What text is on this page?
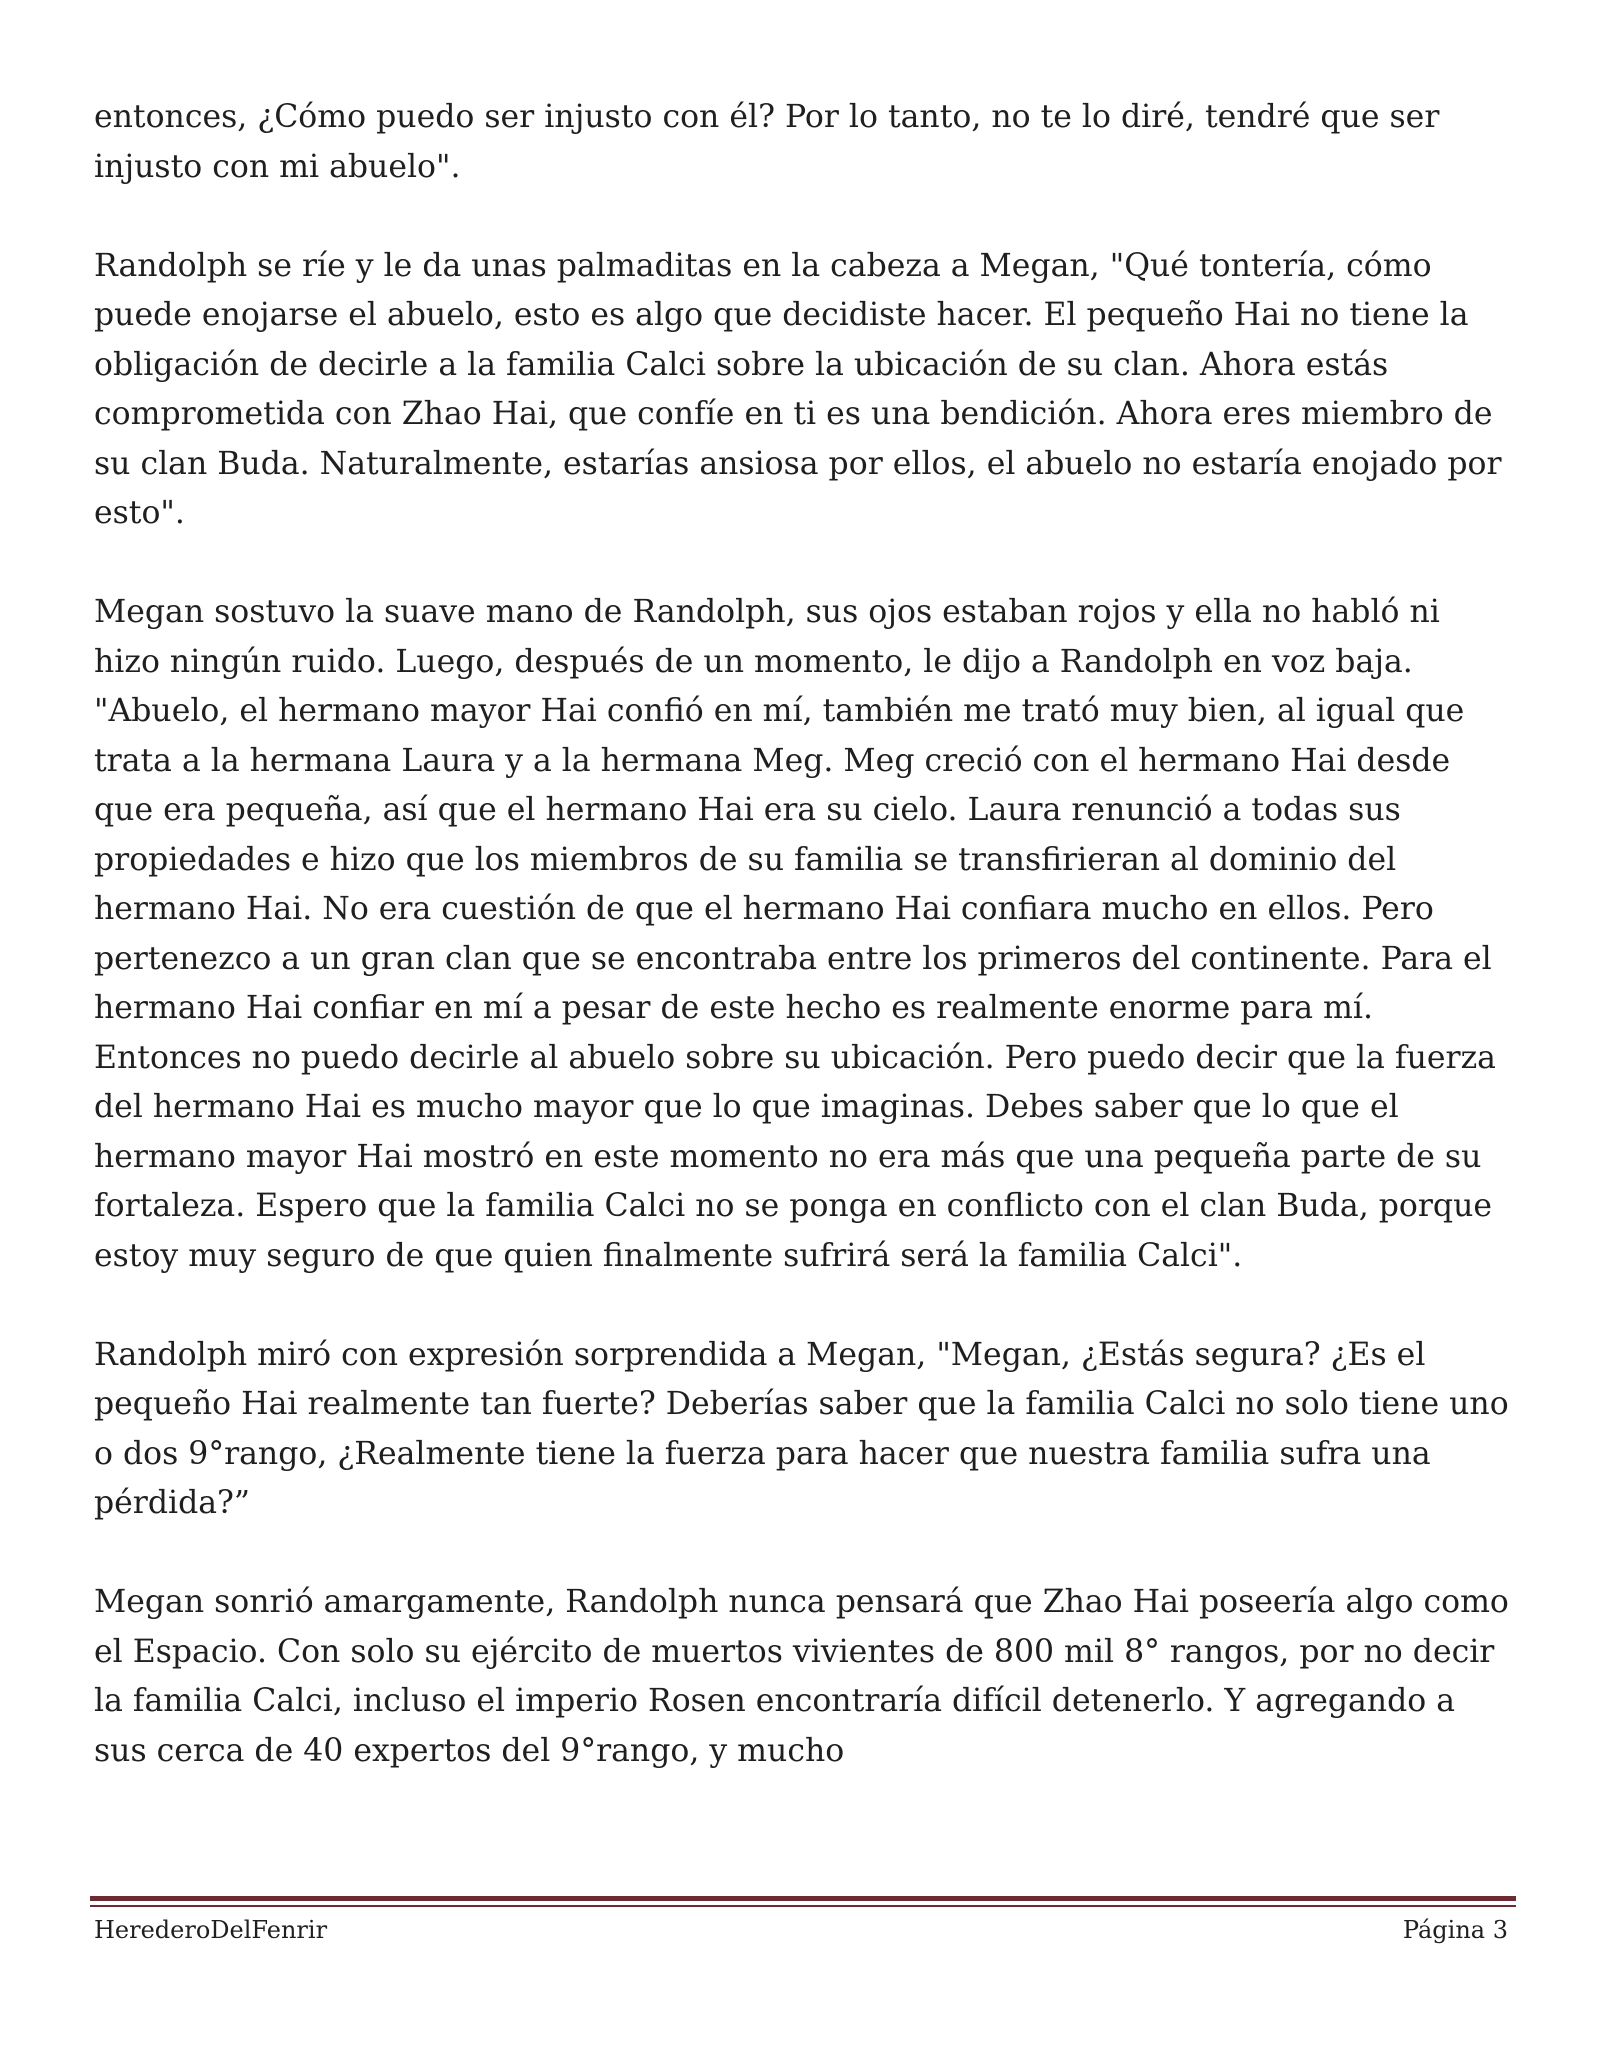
entonces, ¿Cómo puedo ser injusto con él? Por lo tanto, no te lo diré, tendré que ser injusto con mi abuelo".

Randolph se ríe y le da unas palmaditas en la cabeza a Megan, "Qué tontería, cómo puede enojarse el abuelo, esto es algo que decidiste hacer. El pequeño Hai no tiene la obligación de decirle a la familia Calci sobre la ubicación de su clan. Ahora estás comprometida con Zhao Hai, que confíe en ti es una bendición. Ahora eres miembro de su clan Buda. Naturalmente, estarías ansiosa por ellos, el abuelo no estaría enojado por esto".

Megan sostuvo la suave mano de Randolph, sus ojos estaban rojos y ella no habló ni hizo ningún ruido. Luego, después de un momento, le dijo a Randolph en voz baja. "Abuelo, el hermano mayor Hai confió en mí, también me trató muy bien, al igual que trata a la hermana Laura y a la hermana Meg. Meg creció con el hermano Hai desde que era pequeña, así que el hermano Hai era su cielo. Laura renunció a todas sus propiedades e hizo que los miembros de su familia se transfirieran al dominio del hermano Hai. No era cuestión de que el hermano Hai confiara mucho en ellos. Pero pertenezco a un gran clan que se encontraba entre los primeros del continente. Para el hermano Hai confiar en mí a pesar de este hecho es realmente enorme para mí. Entonces no puedo decirle al abuelo sobre su ubicación. Pero puedo decir que la fuerza del hermano Hai es mucho mayor que lo que imaginas. Debes saber que lo que el hermano mayor Hai mostró en este momento no era más que una pequeña parte de su fortaleza. Espero que la familia Calci no se ponga en conflicto con el clan Buda, porque estoy muy seguro de que quien finalmente sufrirá será la familia Calci".

Randolph miró con expresión sorprendida a Megan, "Megan, ¿Estás segura? ¿Es el pequeño Hai realmente tan fuerte? Deberías saber que la familia Calci no solo tiene uno o dos 9°rango, ¿Realmente tiene la fuerza para hacer que nuestra familia sufra una pérdida?”

Megan sonrió amargamente, Randolph nunca pensará que Zhao Hai poseería algo como el Espacio. Con solo su ejército de muertos vivientes de 800 mil 8° rangos, por no decir la familia Calci, incluso el imperio Rosen encontraría difícil detenerlo. Y agregando a sus cerca de 40 expertos del 9°rango, y mucho

HerederoDelFenrir	Página 3
